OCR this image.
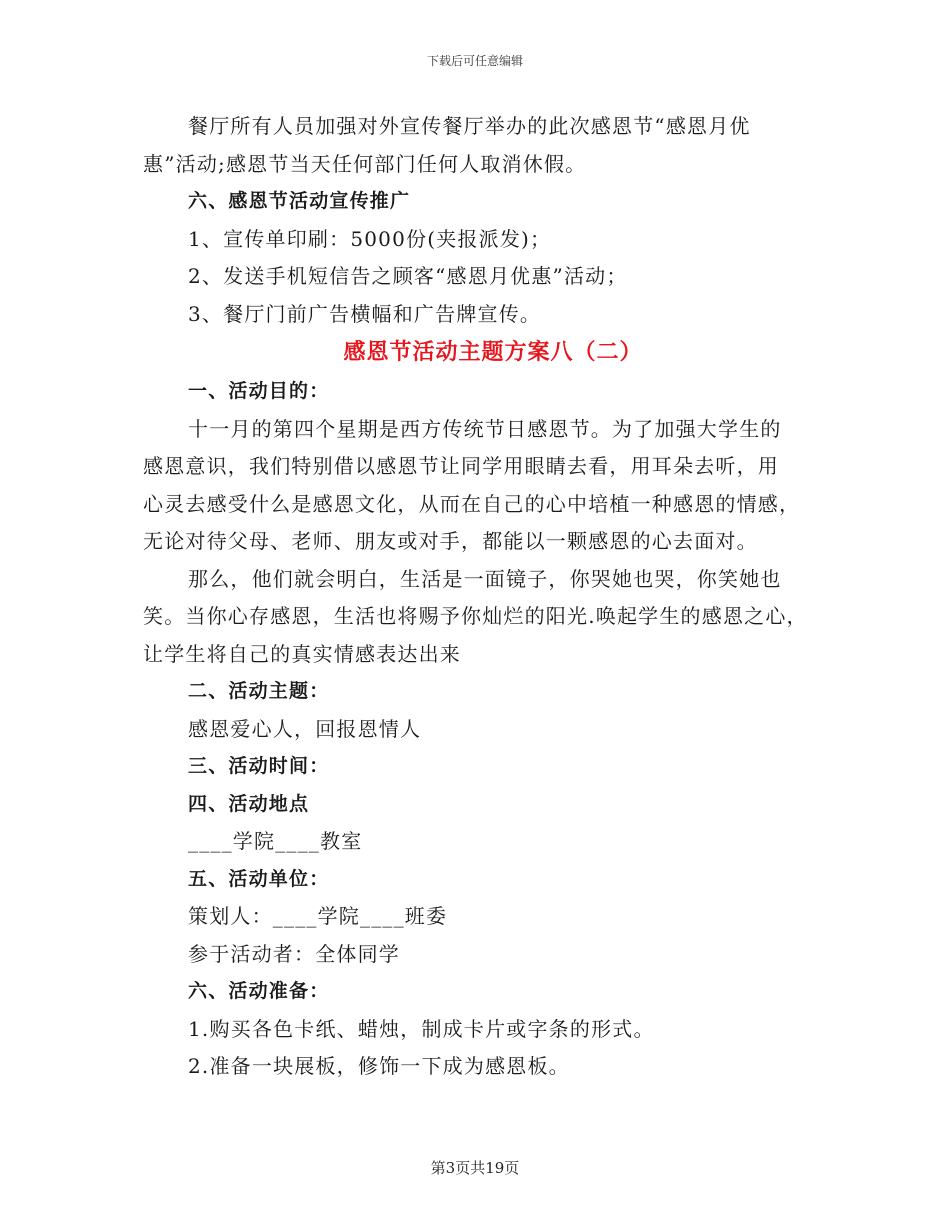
下载后可任意编辑

餐厅所有人员加强对外宣传餐厅举办的此次感恩节“感恩月优

惠”活动;感恩节当天任何部门任何人取消休假。

六、感恩节活动宣传推广

1、宣传单印刷：5000份(夹报派发)；

2、发送手机短信告之顾客“感恩月优惠”活动；

3、餐厅门前广告横幅和广告牌宣传。

感恩节活动主题方案八（二）

一、活动目的：

十一月的第四个星期是西方传统节日感恩节。为了加强大学生的

感恩意识，我们特别借以感恩节让同学用眼睛去看，用耳朵去听，用

心灵去感受什么是感恩文化，从而在自己的心中培植一种感恩的情感，

无论对待父母、老师、朋友或对手，都能以一颗感恩的心去面对。

那么，他们就会明白，生活是一面镜子，你哭她也哭，你笑她也

笑。当你心存感恩，生活也将赐予你灿烂的阳光.唤起学生的感恩之心，

让学生将自己的真实情感表达出来

二、活动主题：

感恩爱心人，回报恩情人

三、活动时间：

四、活动地点

____学院____教室

五、活动单位：

策划人：____学院____班委

参于活动者：全体同学

六、活动准备：

1.购买各色卡纸、蜡烛，制成卡片或字条的形式。

2.准备一块展板，修饰一下成为感恩板。

第3页共19页
